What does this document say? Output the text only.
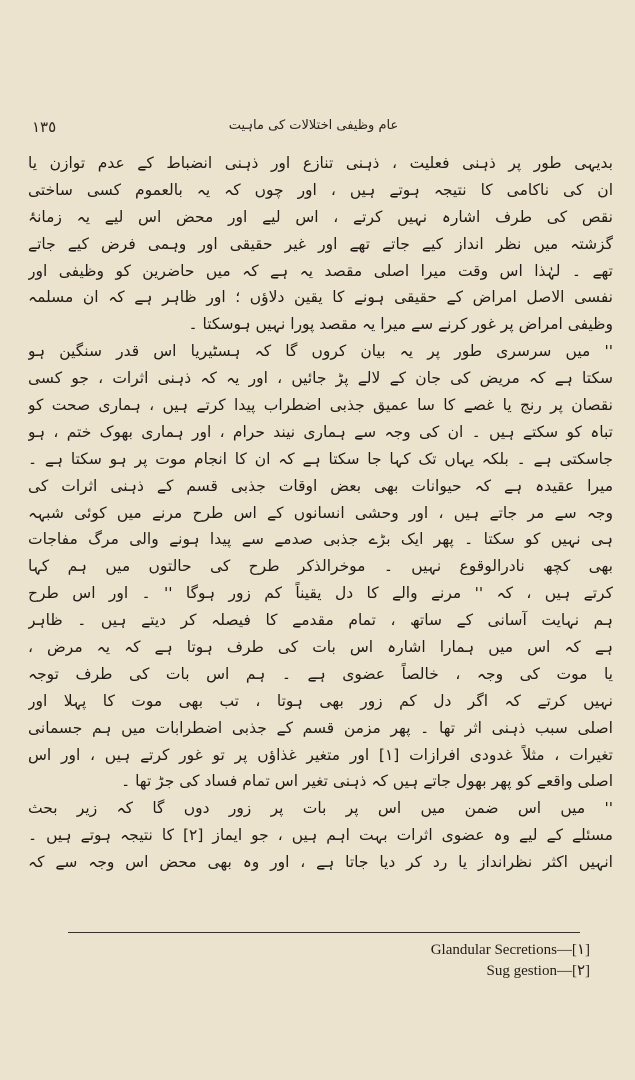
١٣٥	عام وظیفی اختلالات کی ماہیت
بدیہی طور پر ذہنی فعلیت ، ذہنی تنازع اور ذہنی انضباط کے عدم توازن یا
ان کی ناکامی کا نتیجہ ہوتے ہیں ، اور چوں کہ یہ بالعموم کسی ساختی
نقص کی طرف اشارہ نہیں کرتے ، اس لیے اور محض اس لیے یہ زمانۂ
گزشتہ میں نظر انداز کیے جاتے تھے اور غیر حقیقی اور وہمی فرض کیے جاتے
تھے ۔ لہٰذا اس وقت میرا اصلی مقصد یہ ہے کہ میں حاضرین کو وظیفی اور
نفسی الاصل امراض کے حقیقی ہونے کا یقین دلاؤں ؛ اور ظاہر ہے کہ ان مسلمہ
وظیفی امراض پر غور کرنے سے میرا یہ مقصد پورا نہیں ہوسکتا ۔
'' میں سرسری طور پر یہ بیان کروں گا کہ ہسٹیریا اس قدر سنگین ہو
سکتا ہے کہ مریض کی جان کے لالے پڑ جائیں ، اور یہ کہ ذہنی اثرات ، جو کسی
نقصان پر رنج یا غصے کا سا عمیق جذبی اضطراب پیدا کرتے ہیں ، ہماری صحت کو
تباہ کو سکتے ہیں ۔ ان کی وجہ سے ہماری نیند حرام ، اور ہماری بھوک ختم ، ہو
جاسکتی ہے ۔ بلکہ یہاں تک کہا جا سکتا ہے کہ ان کا انجام موت پر ہو سکتا ہے ۔
میرا عقیدہ ہے کہ حیوانات بھی بعض اوقات جذبی قسم کے ذہنی اثرات کی
وجہ سے مر جاتے ہیں ، اور وحشی انسانوں کے اس طرح مرنے میں کوئی شبہہ
ہی نہیں کو سکتا ۔ پھر ایک بڑے جذبی صدمے سے پیدا ہونے والی مرگ مفاجات
بھی کچھ نادرالوقوع نہیں ۔ موخرالذکر طرح کی حالتوں میں ہم کہا
کرتے ہیں ، کہ '' مرنے والے کا دل یقیناً کم زور ہوگا '' ۔ اور اس طرح
ہم نہایت آسانی کے ساتھ ، تمام مقدمے کا فیصلہ کر دیتے ہیں ۔ ظاہر
ہے کہ اس میں ہمارا اشارہ اس بات کی طرف ہوتا ہے کہ یہ مرض ،
یا موت کی وجہ ، خالصاً عضوی ہے ۔ ہم اس بات کی طرف توجہ
نہیں کرتے کہ اگر دل کم زور بھی ہوتا ، تب بھی موت کا پہلا اور
اصلی سبب ذہنی اثر تھا ۔ پھر مزمن قسم کے جذبی اضطرابات میں ہم جسمانی
تغیرات ، مثلاً غدودی افرازات [١] اور متغیر غذاؤں پر تو غور کرتے ہیں ، اور اس
اصلی واقعے کو پھر بھول جاتے ہیں کہ ذہنی تغیر اس تمام فساد کی جڑ تھا ۔
'' میں اس ضمن میں اس پر بات پر زور دوں گا کہ زیر بحث
مسئلے کے لیے وہ عضوی اثرات بہت اہم ہیں ، جو ایماز [٢] کا نتیجہ ہوتے ہیں ۔
انہیں اکثر نظرانداز یا رد کر دیا جاتا ہے ، اور وہ بھی محض اس وجہ سے کہ
Glandular Secretions—[١]
Sug gestion—[٢]
